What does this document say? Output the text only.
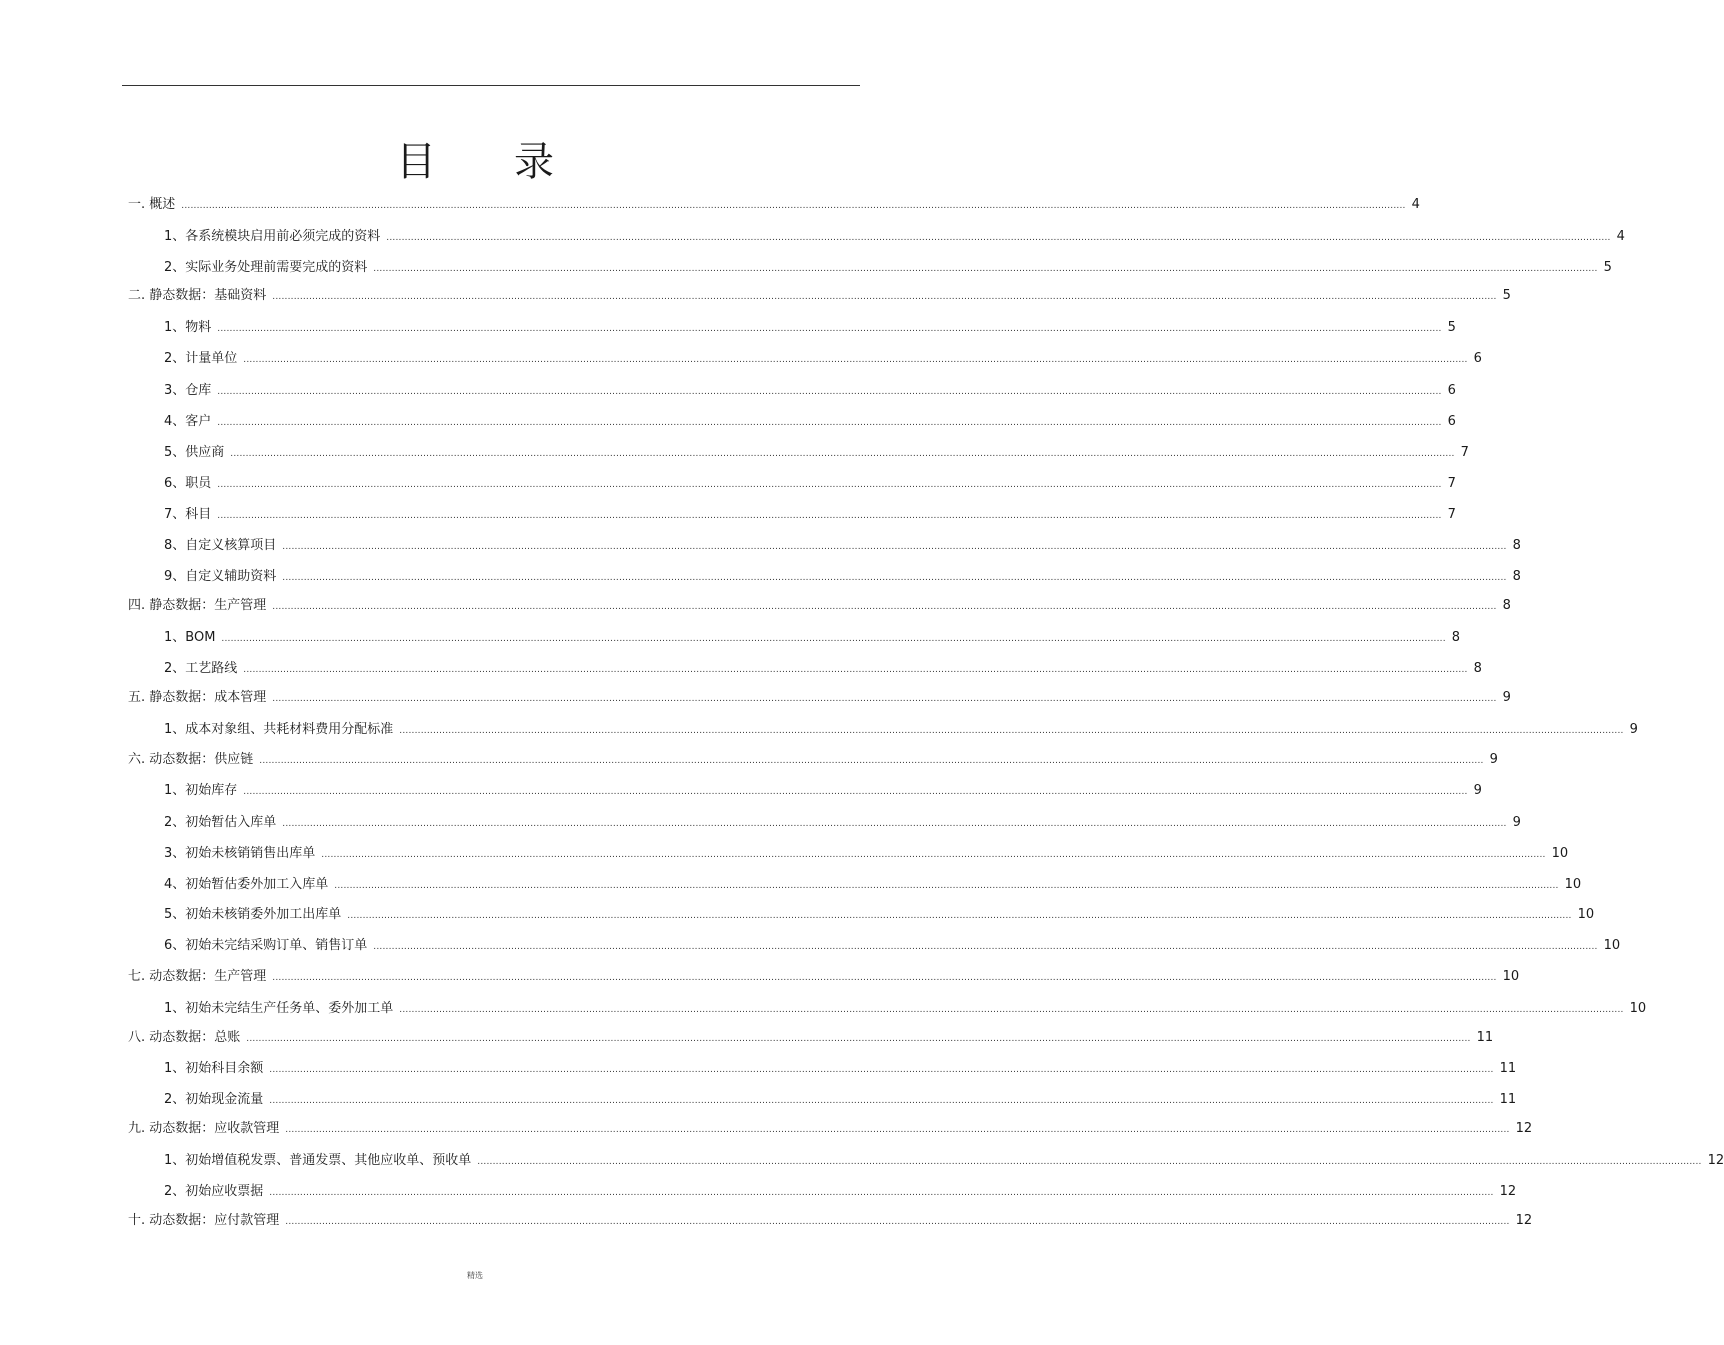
目 录
一. 概述 ................................................................................................................................................................................................................................................................................................................................................................................................................ 4
1、各系统模块启用前必须完成的资料 ................................................................................................................................................................................................................................................................................................................................................................................................................ 4
2、实际业务处理前需要完成的资料 ................................................................................................................................................................................................................................................................................................................................................................................................................ 5
二. 静态数据：基础资料 ................................................................................................................................................................................................................................................................................................................................................................................................................ 5
1、物料 ................................................................................................................................................................................................................................................................................................................................................................................................................ 5
2、计量单位 ................................................................................................................................................................................................................................................................................................................................................................................................................ 6
3、仓库 ................................................................................................................................................................................................................................................................................................................................................................................................................ 6
4、客户 ................................................................................................................................................................................................................................................................................................................................................................................................................ 6
5、供应商 ................................................................................................................................................................................................................................................................................................................................................................................................................ 7
6、职员 ................................................................................................................................................................................................................................................................................................................................................................................................................ 7
7、科目 ................................................................................................................................................................................................................................................................................................................................................................................................................ 7
8、自定义核算项目 ................................................................................................................................................................................................................................................................................................................................................................................................................ 8
9、自定义辅助资料 ................................................................................................................................................................................................................................................................................................................................................................................................................ 8
四. 静态数据：生产管理 ................................................................................................................................................................................................................................................................................................................................................................................................................ 8
1、BOM ................................................................................................................................................................................................................................................................................................................................................................................................................ 8
2、工艺路线 ................................................................................................................................................................................................................................................................................................................................................................................................................ 8
五. 静态数据：成本管理 ................................................................................................................................................................................................................................................................................................................................................................................................................ 9
1、成本对象组、共耗材料费用分配标准 ................................................................................................................................................................................................................................................................................................................................................................................................................ 9
六. 动态数据：供应链 ................................................................................................................................................................................................................................................................................................................................................................................................................ 9
1、初始库存 ................................................................................................................................................................................................................................................................................................................................................................................................................ 9
2、初始暂估入库单 ................................................................................................................................................................................................................................................................................................................................................................................................................ 9
3、初始未核销销售出库单 ................................................................................................................................................................................................................................................................................................................................................................................................................ 10
4、初始暂估委外加工入库单 ................................................................................................................................................................................................................................................................................................................................................................................................................ 10
5、初始未核销委外加工出库单 ................................................................................................................................................................................................................................................................................................................................................................................................................ 10
6、初始未完结采购订单、销售订单 ................................................................................................................................................................................................................................................................................................................................................................................................................ 10
七. 动态数据：生产管理 ................................................................................................................................................................................................................................................................................................................................................................................................................ 10
1、初始未完结生产任务单、委外加工单 ................................................................................................................................................................................................................................................................................................................................................................................................................ 10
八. 动态数据：总账 ................................................................................................................................................................................................................................................................................................................................................................................................................ 11
1、初始科目余额 ................................................................................................................................................................................................................................................................................................................................................................................................................ 11
2、初始现金流量 ................................................................................................................................................................................................................................................................................................................................................................................................................ 11
九. 动态数据：应收款管理 ................................................................................................................................................................................................................................................................................................................................................................................................................ 12
1、初始增值税发票、普通发票、其他应收单、预收单 ................................................................................................................................................................................................................................................................................................................................................................................................................ 12
2、初始应收票据 ................................................................................................................................................................................................................................................................................................................................................................................................................ 12
十. 动态数据：应付款管理 ................................................................................................................................................................................................................................................................................................................................................................................................................ 12
精选
